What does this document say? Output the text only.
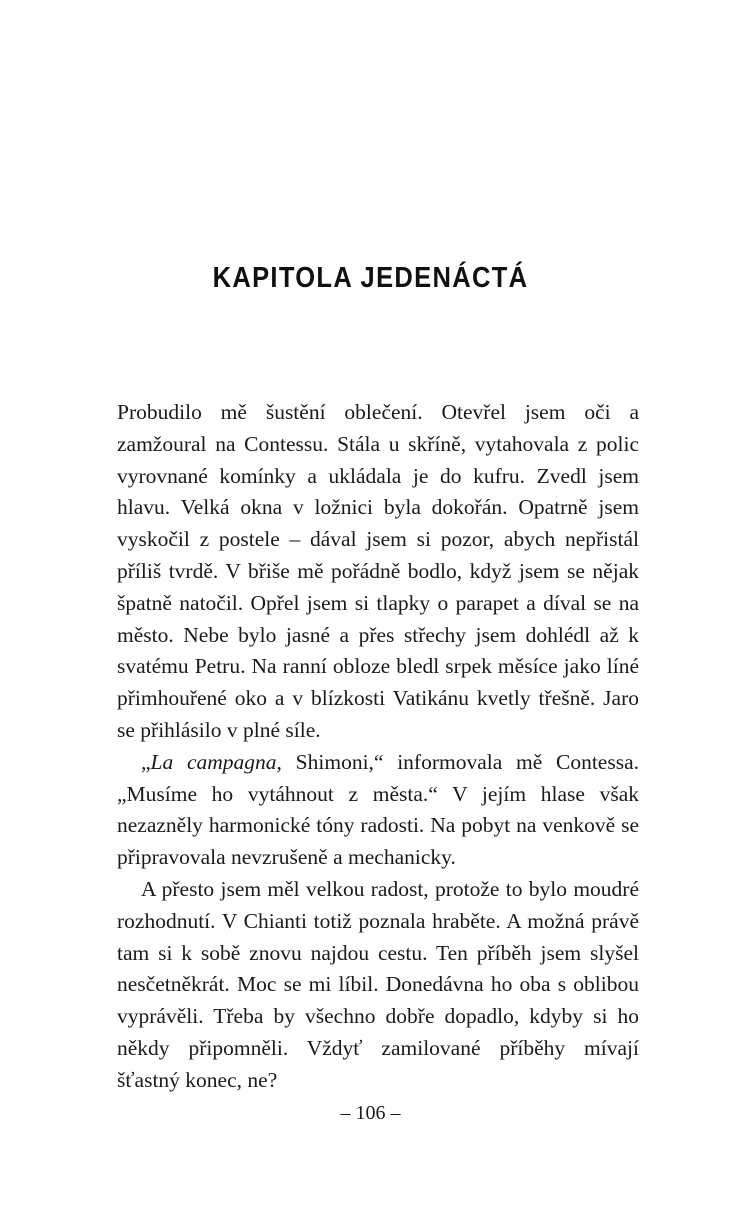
KAPITOLA JEDENÁCTÁ

Probudilo mě šustění oblečení. Otevřel jsem oči a zamžoural na Contessu. Stála u skříně, vytahovala z polic vyrovnané komínky a ukládala je do kufru. Zvedl jsem hlavu. Velká okna v ložnici byla dokořán. Opatrně jsem vyskočil z postele – dával jsem si pozor, abych nepřistál příliš tvrdě. V břiše mě pořádně bodlo, když jsem se nějak špatně natočil. Opřel jsem si tlapky o parapet a díval se na město. Nebe bylo jasné a přes střechy jsem dohlédl až k svatému Petru. Na ranní obloze bledl srpek měsíce jako líné přimhouřené oko a v blízkosti Vatikánu kvetly třešně. Jaro se přihlásilo v plné síle.

„La campagna, Shimoni,“ informovala mě Contessa. „Musíme ho vytáhnout z města.“ V jejím hlase však nezazněly harmonické tóny radosti. Na pobyt na venkově se připravovala nevzrušeně a mechanicky.

A přesto jsem měl velkou radost, protože to bylo moudré rozhodnutí. V Chianti totiž poznala hraběte. A možná právě tam si k sobě znovu najdou cestu. Ten příběh jsem slyšel nesčetněkrát. Moc se mi líbil. Donedávna ho oba s oblibou vyprávěli. Třeba by všechno dobře dopadlo, kdyby si ho někdy připomněli. Vždyť zamilované příběhy mívají šťastný konec, ne?

– 106 –
